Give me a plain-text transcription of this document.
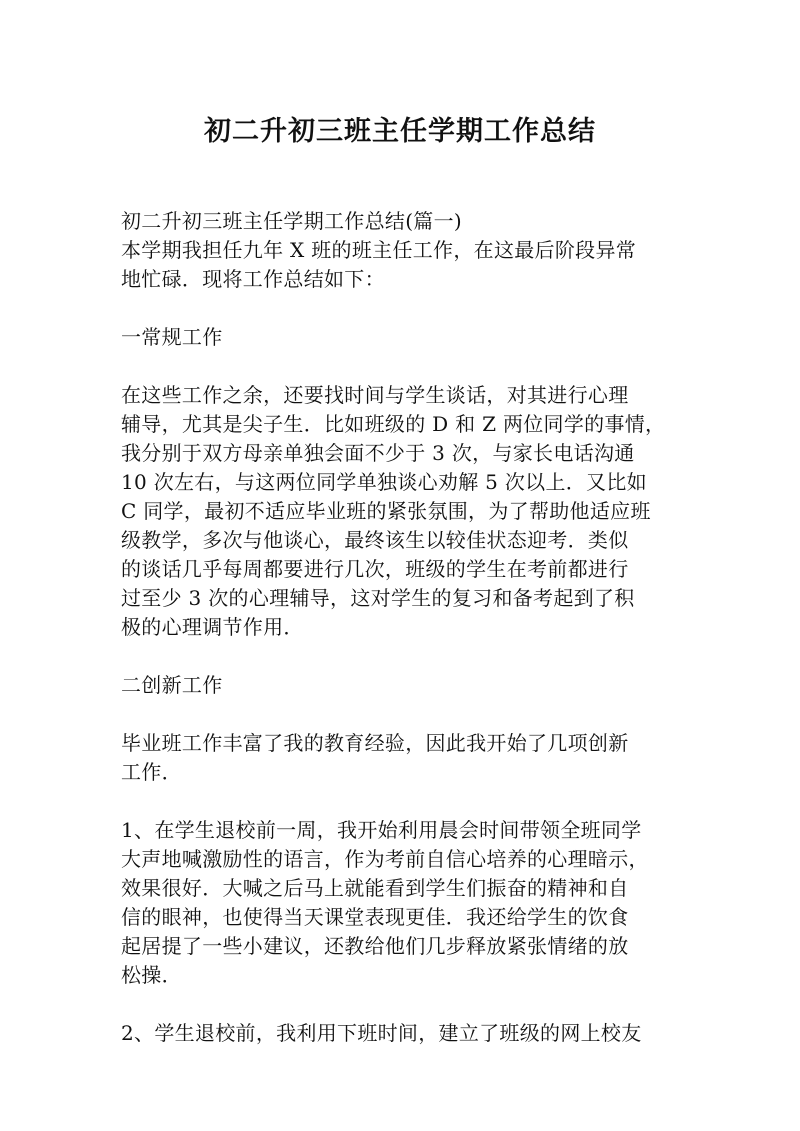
初二升初三班主任学期工作总结
初二升初三班主任学期工作总结(篇一)
本学期我担任九年 X 班的班主任工作，在这最后阶段异常
地忙碌．现将工作总结如下：
一常规工作
在这些工作之余，还要找时间与学生谈话，对其进行心理
辅导，尤其是尖子生．比如班级的 D 和 Z 两位同学的事情，
我分别于双方母亲单独会面不少于 3 次，与家长电话沟通
10 次左右，与这两位同学单独谈心劝解 5 次以上．又比如
C 同学，最初不适应毕业班的紧张氛围，为了帮助他适应班
级教学，多次与他谈心，最终该生以较佳状态迎考．类似
的谈话几乎每周都要进行几次，班级的学生在考前都进行
过至少 3 次的心理辅导，这对学生的复习和备考起到了积
极的心理调节作用．
二创新工作
毕业班工作丰富了我的教育经验，因此我开始了几项创新
工作．
1、在学生退校前一周，我开始利用晨会时间带领全班同学
大声地喊激励性的语言，作为考前自信心培养的心理暗示，
效果很好．大喊之后马上就能看到学生们振奋的精神和自
信的眼神，也使得当天课堂表现更佳．我还给学生的饮食
起居提了一些小建议，还教给他们几步释放紧张情绪的放
松操．
2、学生退校前，我利用下班时间，建立了班级的网上校友
